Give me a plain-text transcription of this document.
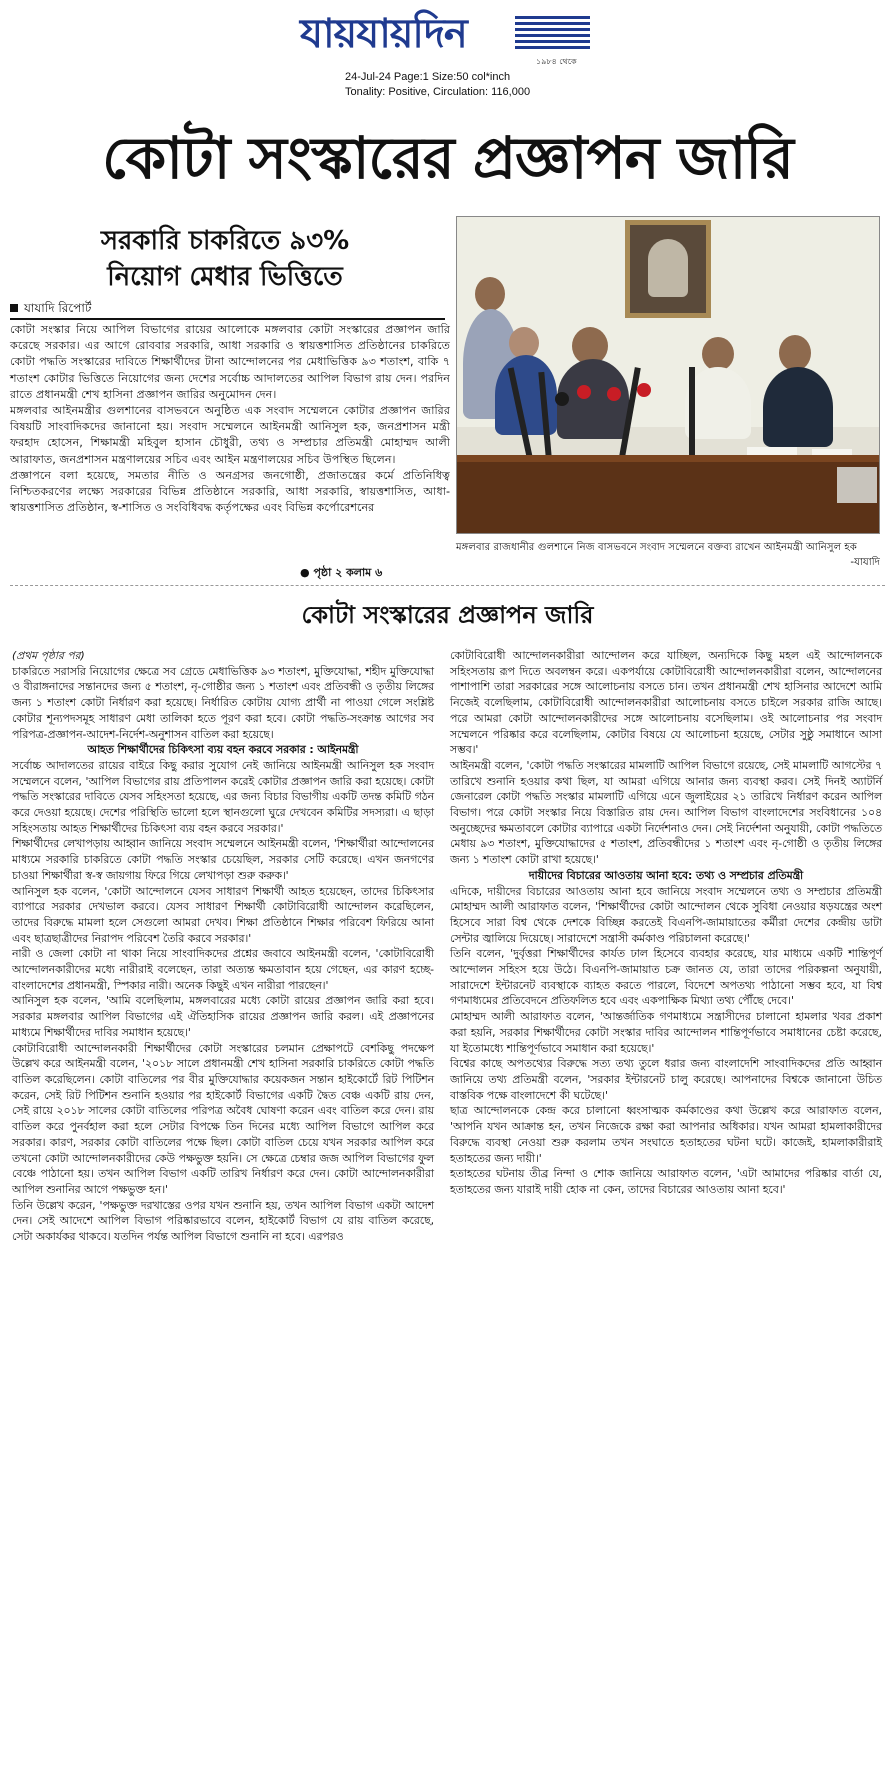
যায়যায়দিন
১৯৮৪ থেকে
24-Jul-24 Page:1 Size:50 col*inch
Tonality: Positive, Circulation: 116,000
কোটা সংস্কারের প্রজ্ঞাপন জারি
সরকারি চাকরিতে ৯৩%
নিয়োগ মেধার ভিত্তিতে
যাযাদি রিপোর্ট

কোটা সংস্কার নিয়ে আপিল বিভাগের রায়ের আলোকে মঙ্গলবার কোটা সংস্কারের প্রজ্ঞাপন জারি করেছে সরকার। এর আগে রোববার সরকারি, আধা সরকারি ও স্বায়ত্তশাসিত প্রতিষ্ঠানের চাকরিতে কোটা পদ্ধতি সংস্কারের দাবিতে শিক্ষার্থীদের টানা আন্দোলনের পর মেধাভিত্তিক ৯৩ শতাংশ, বাকি ৭ শতাংশ কোটার ভিত্তিতে নিয়োগের জন্য দেশের সর্বোচ্চ আদালতের আপিল বিভাগ রায় দেন। পরদিন রাতে প্রধানমন্ত্রী শেখ হাসিনা প্রজ্ঞাপন জারির অনুমোদন দেন।

মঙ্গলবার আইনমন্ত্রীর গুলশানের বাসভবনে অনুষ্ঠিত এক সংবাদ সম্মেলনে কোটার প্রজ্ঞাপন জারির বিষয়টি সাংবাদিকদের জানানো হয়। সংবাদ সম্মেলনে আইনমন্ত্রী আনিসুল হক, জনপ্রশাসন মন্ত্রী ফরহাদ হোসেন, শিক্ষামন্ত্রী মহিবুল হাসান চৌধুরী, তথ্য ও সম্প্রচার প্রতিমন্ত্রী মোহাম্মদ আলী আরাফাত, জনপ্রশাসন মন্ত্রণালয়ের সচিব এবং আইন মন্ত্রণালয়ের সচিব উপস্থিত ছিলেন।

প্রজ্ঞাপনে বলা হয়েছে, সমতার নীতি ও অনগ্রসর জনগোষ্ঠী, প্রজাতন্ত্রের কর্মে প্রতিনিধিত্ব নিশ্চিতকরণের লক্ষ্যে সরকারের বিভিন্ন প্রতিষ্ঠানে সরকারি, আধা সরকারি, স্বায়ত্তশাসিত, আধা-স্বায়ত্তশাসিত প্রতিষ্ঠান, স্ব-শাসিত ও সংবিধিবদ্ধ কর্তৃপক্ষের এবং বিভিন্ন কর্পোরেশনের

● পৃষ্ঠা ২ কলাম ৬
মঙ্গলবার রাজধানীর গুলশানে নিজ বাসভবনে সংবাদ সম্মেলনে বক্তব্য রাখেন আইনমন্ত্রী আনিসুল হক
-যাযাদি
কোটা সংস্কারের প্রজ্ঞাপন জারি

(প্রথম পৃষ্ঠার পর)

চাকরিতে সরাসরি নিয়োগের ক্ষেত্রে সব গ্রেডে মেধাভিত্তিক ৯৩ শতাংশ, মুক্তিযোদ্ধা, শহীদ মুক্তিযোদ্ধা ও বীরাঙ্গনাদের সন্তানদের জন্য ৫ শতাংশ, নৃ-গোষ্ঠীর জন্য ১ শতাংশ এবং প্রতিবন্ধী ও তৃতীয় লিঙ্গের জন্য ১ শতাংশ কোটা নির্ধারণ করা হয়েছে। নির্ধারিত কোটায় যোগ্য প্রার্থী না পাওয়া গেলে সংশ্লিষ্ট কোটার শূন্যপদসমূহ সাধারণ মেধা তালিকা হতে পূরণ করা হবে। কোটা পদ্ধতি-সংক্রান্ত আগের সব পরিপত্র-প্রজ্ঞাপন-আদেশ-নির্দেশ-অনুশাসন বাতিল করা হয়েছে।

আহত শিক্ষার্থীদের চিকিৎসা ব্যয় বহন করবে সরকার : আইনমন্ত্রী

সর্বোচ্চ আদালতের রায়ের বাইরে কিছু করার সুযোগ নেই জানিয়ে আইনমন্ত্রী আনিসুল হক সংবাদ সম্মেলনে বলেন, 'আপিল বিভাগের রায় প্রতিপালন করেই কোটার প্রজ্ঞাপন জারি করা হয়েছে। কোটা পদ্ধতি সংস্কারের দাবিতে যেসব সহিংসতা হয়েছে, এর জন্য বিচার বিভাগীয় একটি তদন্ত কমিটি গঠন করে দেওয়া হয়েছে। দেশের পরিস্থিতি ভালো হলে স্থানগুলো ঘুরে দেখবেন কমিটির সদস্যরা। এ ছাড়া সহিংসতায় আহত শিক্ষার্থীদের চিকিৎসা ব্যয় বহন করবে সরকার।'

শিক্ষার্থীদের লেখাপড়ায় আহ্বান জানিয়ে সংবাদ সম্মেলনে আইনমন্ত্রী বলেন, 'শিক্ষার্থীরা আন্দোলনের মাধ্যমে সরকারি চাকরিতে কোটা পদ্ধতি সংস্কার চেয়েছিল, সরকার সেটি করেছে। এখন জনগণের চাওয়া শিক্ষার্থীরা স্ব-স্ব জায়গায় ফিরে গিয়ে লেখাপড়া শুরু করুক।'

আনিসুল হক বলেন, 'কোটা আন্দোলনে যেসব সাধারণ শিক্ষার্থী আহত হয়েছেন, তাদের চিকিৎসার ব্যাপারে সরকার দেখভাল করবে। যেসব সাধারণ শিক্ষার্থী কোটাবিরোধী আন্দোলন করেছিলেন, তাদের বিরুদ্ধে মামলা হলে সেগুলো আমরা দেখব। শিক্ষা প্রতিষ্ঠানে শিক্ষার পরিবেশ ফিরিয়ে আনা এবং ছাত্রছাত্রীদের নিরাপদ পরিবেশ তৈরি করবে সরকার।'

নারী ও জেলা কোটা না থাকা নিয়ে সাংবাদিকদের প্রশ্নের জবাবে আইনমন্ত্রী বলেন, 'কোটাবিরোধী আন্দোলনকারীদের মধ্যে নারীরাই বলেছেন, তারা অত্যন্ত ক্ষমতাবান হয়ে গেছেন, এর কারণ হচ্ছে- বাংলাদেশের প্রধানমন্ত্রী, স্পিকার নারী। অনেক কিছুই এখন নারীরা পারছেন।'

আনিসুল হক বলেন, 'আমি বলেছিলাম, মঙ্গলবারের মধ্যে কোটা রায়ের প্রজ্ঞাপন জারি করা হবে। সরকার মঙ্গলবার আপিল বিভাগের এই ঐতিহাসিক রায়ের প্রজ্ঞাপন জারি করল। এই প্রজ্ঞাপনের মাধ্যমে শিক্ষার্থীদের দাবির সমাধান হয়েছে।'

কোটাবিরোধী আন্দোলনকারী শিক্ষার্থীদের কোটা সংস্কারের চলমান প্রেক্ষাপটে বেশকিছু পদক্ষেপ উল্লেখ করে আইনমন্ত্রী বলেন, '২০১৮ সালে প্রধানমন্ত্রী শেখ হাসিনা সরকারি চাকরিতে কোটা পদ্ধতি বাতিল করেছিলেন। কোটা বাতিলের পর বীর মুক্তিযোদ্ধার কয়েকজন সন্তান হাইকোর্টে রিট পিটিশন করেন, সেই রিট পিটিশন শুনানি হওয়ার পর হাইকোর্ট বিভাগের একটি দ্বৈত বেঞ্চ একটি রায় দেন, সেই রায়ে ২০১৮ সালের কোটা বাতিলের পরিপত্র অবৈধ ঘোষণা করেন এবং বাতিল করে দেন। রায় বাতিল করে পুনর্বহাল করা হলে সেটার বিপক্ষে তিন দিনের মধ্যে আপিল বিভাগে আপিল করে সরকার। কারণ, সরকার কোটা বাতিলের পক্ষে ছিল। কোটা বাতিল চেয়ে যখন সরকার আপিল করে তখনো কোটা আন্দোলনকারীদের কেউ পক্ষভুক্ত হয়নি। সে ক্ষেত্রে চেম্বার জজ আপিল বিভাগের ফুল বেঞ্চে পাঠানো হয়। তখন আপিল বিভাগ একটি তারিখ নির্ধারণ করে দেন। কোটা আন্দোলনকারীরা আপিল শুনানির আগে পক্ষভুক্ত হন।'

তিনি উল্লেখ করেন, 'পক্ষভুক্ত দরখাস্তের ওপর যখন শুনানি হয়, তখন আপিল বিভাগ একটা আদেশ দেন। সেই আদেশে আপিল বিভাগ পরিষ্কারভাবে বলেন, হাইকোর্ট বিভাগ যে রায় বাতিল করেছে, সেটা অকার্যকর থাকবে। যতদিন পর্যন্ত আপিল বিভাগে শুনানি না হবে। এরপরও

কোটাবিরোধী আন্দোলনকারীরা আন্দোলন করে যাচ্ছিল, অন্যদিকে কিছু মহল এই আন্দোলনকে সহিংসতায় রূপ দিতে অবলম্বন করে। একপর্যায়ে কোটাবিরোধী আন্দোলনকারীরা বলেন, আন্দোলনের পাশাপাশি তারা সরকারের সঙ্গে আলোচনায় বসতে চান। তখন প্রধানমন্ত্রী শেখ হাসিনার আদেশে আমি নিজেই বলেছিলাম, কোটাবিরোধী আন্দোলনকারীরা আলোচনায় বসতে চাইলে সরকার রাজি আছে। পরে আমরা কোটা আন্দোলনকারীদের সঙ্গে আলোচনায় বসেছিলাম। ওই আলোচনার পর সংবাদ সম্মেলনে পরিষ্কার করে বলেছিলাম, কোটার বিষয়ে যে আলোচনা হয়েছে, সেটার সুষ্ঠু সমাধানে আসা সম্ভব।'

আইনমন্ত্রী বলেন, 'কোটা পদ্ধতি সংস্কারের মামলাটি আপিল বিভাগে রয়েছে, সেই মামলাটি আগস্টের ৭ তারিখে শুনানি হওয়ার কথা ছিল, যা আমরা এগিয়ে আনার জন্য ব্যবস্থা করব। সেই দিনই অ্যাটর্নি জেনারেল কোটা পদ্ধতি সংস্কার মামলাটি এগিয়ে এনে জুলাইয়ের ২১ তারিখে নির্ধারণ করেন আপিল বিভাগ। পরে কোটা সংস্কার নিয়ে বিস্তারিত রায় দেন। আপিল বিভাগ বাংলাদেশের সংবিধানের ১০৪ অনুচ্ছেদের ক্ষমতাবলে কোটার ব্যাপারে একটা নির্দেশনাও দেন। সেই নির্দেশনা অনুযায়ী, কোটা পদ্ধতিতে মেধায় ৯৩ শতাংশ, মুক্তিযোদ্ধাদের ৫ শতাংশ, প্রতিবন্ধীদের ১ শতাংশ এবং নৃ-গোষ্ঠী ও তৃতীয় লিঙ্গের জন্য ১ শতাংশ কোটা রাখা হয়েছে।'

দায়ীদের বিচারের আওতায় আনা হবে: তথ্য ও সম্প্রচার প্রতিমন্ত্রী

এদিকে, দায়ীদের বিচারের আওতায় আনা হবে জানিয়ে সংবাদ সম্মেলনে তথ্য ও সম্প্রচার প্রতিমন্ত্রী মোহাম্মদ আলী আরাফাত বলেন, 'শিক্ষার্থীদের কোটা আন্দোলন থেকে সুবিধা নেওয়ার ষড়যন্ত্রের অংশ হিসেবে সারা বিশ্ব থেকে দেশকে বিচ্ছিন্ন করতেই বিএনপি-জামায়াতের কর্মীরা দেশের কেন্দ্রীয় ডাটা সেন্টার জ্বালিয়ে দিয়েছে। সারাদেশে সন্ত্রাসী কর্মকাণ্ড পরিচালনা করেছে।'

তিনি বলেন, 'দুর্বৃত্তরা শিক্ষার্থীদের কার্যত ঢাল হিসেবে ব্যবহার করেছে, যার মাধ্যমে একটি শান্তিপূর্ণ আন্দোলন সহিংস হয়ে উঠে। বিএনপি-জামায়াত চক্র জানত যে, তারা তাদের পরিকল্পনা অনুযায়ী, সারাদেশে ইন্টারনেট ব্যবস্থাকে ব্যাহত করতে পারলে, বিদেশে অপতথ্য পাঠানো সম্ভব হবে, যা বিশ্ব গণমাধ্যমের প্রতিবেদনে প্রতিফলিত হবে এবং একপাক্ষিক মিথ্যা তথ্য পৌঁছে দেবে।'

মোহাম্মদ আলী আরাফাত বলেন, 'আন্তর্জাতিক গণমাধ্যমে সন্ত্রাসীদের চালানো হামলার খবর প্রকাশ করা হয়নি, সরকার শিক্ষার্থীদের কোটা সংস্কার দাবির আন্দোলন শান্তিপূর্ণভাবে সমাধানের চেষ্টা করেছে, যা ইতোমধ্যে শান্তিপূর্ণভাবে সমাধান করা হয়েছে।'

বিশ্বের কাছে অপতথ্যের বিরুদ্ধে সত্য তথ্য তুলে ধরার জন্য বাংলাদেশি সাংবাদিকদের প্রতি আহ্বান জানিয়ে তথ্য প্রতিমন্ত্রী বলেন, 'সরকার ইন্টারনেট চালু করেছে। আপনাদের বিশ্বকে জানানো উচিত বাস্তবিক পক্ষে বাংলাদেশে কী ঘটেছে।'

ছাত্র আন্দোলনকে কেন্দ্র করে চালানো ধ্বংসাত্মক কর্মকাণ্ডের কথা উল্লেখ করে আরাফাত বলেন, 'আপনি যখন আক্রান্ত হন, তখন নিজেকে রক্ষা করা আপনার অধিকার। যখন আমরা হামলাকারীদের বিরুদ্ধে ব্যবস্থা নেওয়া শুরু করলাম তখন সংঘাতে হতাহতের ঘটনা ঘটে। কাজেই, হামলাকারীরাই হতাহতের জন্য দায়ী।'

হতাহতের ঘটনায় তীব্র নিন্দা ও শোক জানিয়ে আরাফাত বলেন, 'এটা আমাদের পরিষ্কার বার্তা যে, হতাহতের জন্য যারাই দায়ী হোক না কেন, তাদের বিচারের আওতায় আনা হবে।'
